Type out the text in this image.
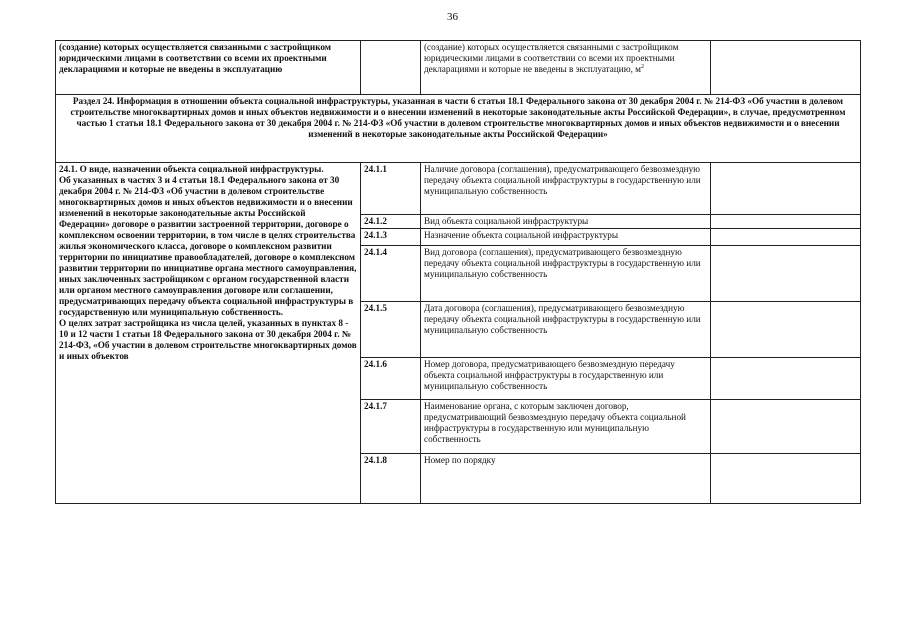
36
(создание) которых осуществляется связанными с застройщиком юридическими лицами в соответствии со всеми их проектными декларациями и которые не введены в эксплуатацию		(создание) которых осуществляется связанными с застройщиком юридическими лицами в соответствии со всеми их проектными декларациями и которые не введены в эксплуатацию, $м^2$	
Раздел 24. Информация в отношении объекта социальной инфраструктуры, указанная в части 6 статьи 18.1 Федерального закона от 30 декабря 2004 г. № 214-ФЗ «Об участии в долевом строительстве многоквартирных домов и иных объектов недвижимости и о внесении изменений в некоторые законодательные акты Российской Федерации», в случае, предусмотренном частью 1 статьи 18.1 Федерального закона от 30 декабря 2004 г. № 214-ФЗ «Об участии в долевом строительстве многоквартирных домов и иных объектов недвижимости и о внесении изменений в некоторые законодательные акты Российской Федерации»			

24.1. О виде, назначении объекта социальной инфраструктуры.
Об указанных в частях 3 и 4 статьи 18.1 Федерального закона от 30 декабря 2004 г. № 214-ФЗ «Об участии в долевом строительстве многоквартирных домов и иных объектов недвижимости и о внесении изменений в некоторые законодательные акты Российской Федерации» договоре о развитии застроенной территории, договоре о комплексном освоении территории, в том числе в целях строительства жилья экономического класса, договоре о комплексном развитии территории по инициативе правообладателей, договоре о комплексном развитии территории по инициативе органа местного самоуправления, иных заключенных застройщиком с органом государственной власти или органом местного самоуправления договоре или соглашении, предусматривающих передачу объекта социальной инфраструктуры в государственную или муниципальную собственность.
О целях затрат застройщика из числа целей, указанных в пунктах 8 - 10 и 12 части 1 статьи 18 Федерального закона от 30 декабря 2004 г. № 214-ФЗ, «Об участии в долевом строительстве многоквартирных домов и иных объектов	24.1.1	Наличие договора (соглашения), предусматривающего безвозмездную передачу объекта социальной инфраструктуры в государственную или муниципальную собственность	
	24.1.2	Вид объекта социальной инфраструктуры	
	24.1.3	Назначение объекта социальной инфраструктуры	
	24.1.4	Вид договора (соглашения), предусматривающего безвозмездную передачу объекта социальной инфраструктуры в государственную или муниципальную собственность	
	24.1.5	Дата договора (соглашения), предусматривающего безвозмездную передачу объекта социальной инфраструктуры в государственную или муниципальную собственность	
	24.1.6	Номер договора, предусматривающего безвозмездную передачу объекта социальной инфраструктуры в государственную или муниципальную собственность	
	24.1.7	Наименование органа, с которым заключен договор, предусматривающий безвозмездную передачу объекта социальной инфраструктуры в государственную или муниципальную собственность	
	24.1.8	Номер по порядку	
